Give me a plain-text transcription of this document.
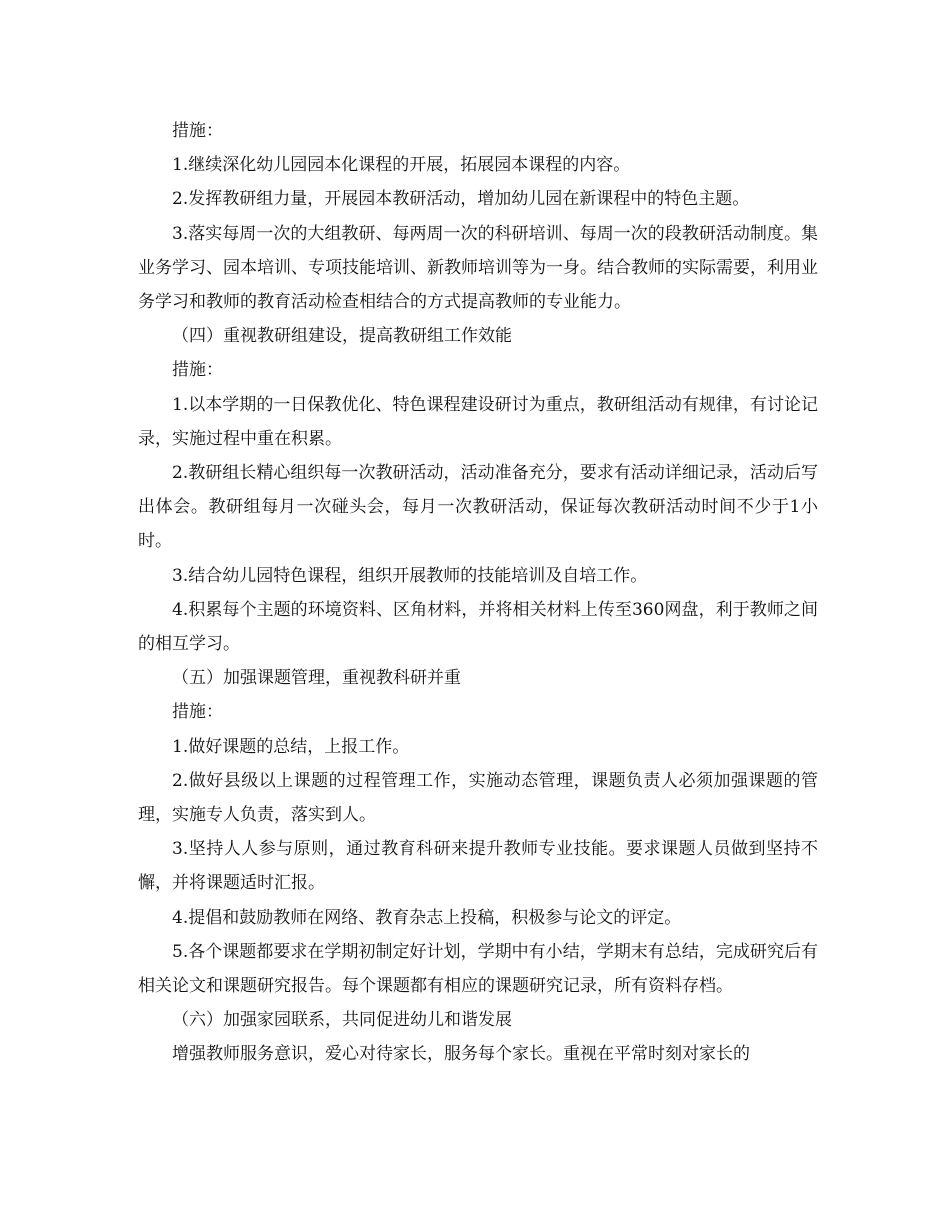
措施：

1.继续深化幼儿园园本化课程的开展，拓展园本课程的内容。

2.发挥教研组力量，开展园本教研活动，增加幼儿园在新课程中的特色主题。

3.落实每周一次的大组教研、每两周一次的科研培训、每周一次的段教研活动制度。集业务学习、园本培训、专项技能培训、新教师培训等为一身。结合教师的实际需要，利用业务学习和教师的教育活动检查相结合的方式提高教师的专业能力。

（四）重视教研组建设，提高教研组工作效能

措施：

1.以本学期的一日保教优化、特色课程建设研讨为重点，教研组活动有规律，有讨论记录，实施过程中重在积累。

2.教研组长精心组织每一次教研活动，活动准备充分，要求有活动详细记录，活动后写出体会。教研组每月一次碰头会，每月一次教研活动，保证每次教研活动时间不少于1小时。

3.结合幼儿园特色课程，组织开展教师的技能培训及自培工作。

4.积累每个主题的环境资料、区角材料，并将相关材料上传至360网盘，利于教师之间的相互学习。

（五）加强课题管理，重视教科研并重

措施：

1.做好课题的总结，上报工作。

2.做好县级以上课题的过程管理工作，实施动态管理，课题负责人必须加强课题的管理，实施专人负责，落实到人。

3.坚持人人参与原则，通过教育科研来提升教师专业技能。要求课题人员做到坚持不懈，并将课题适时汇报。

4.提倡和鼓励教师在网络、教育杂志上投稿，积极参与论文的评定。

5.各个课题都要求在学期初制定好计划，学期中有小结，学期末有总结，完成研究后有相关论文和课题研究报告。每个课题都有相应的课题研究记录，所有资料存档。

（六）加强家园联系，共同促进幼儿和谐发展

增强教师服务意识，爱心对待家长，服务每个家长。重视在平常时刻对家长的
